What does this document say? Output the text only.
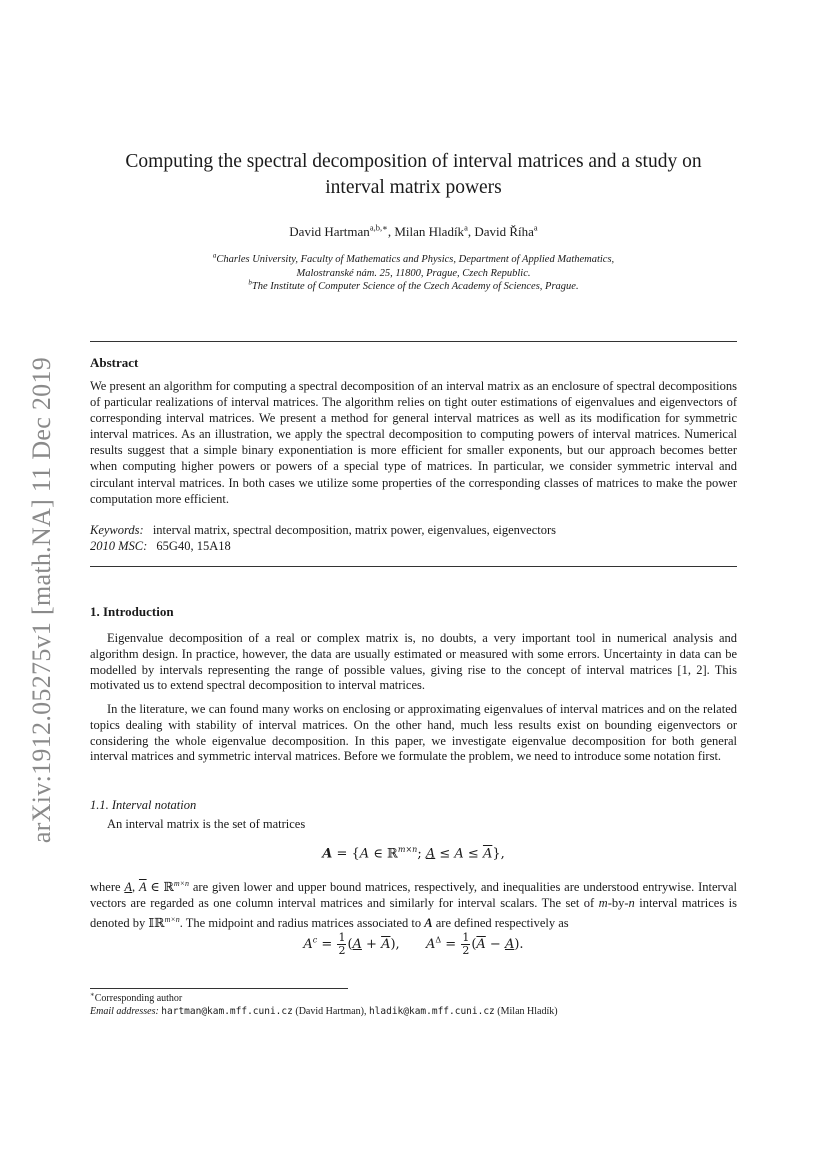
arXiv:1912.05275v1 [math.NA] 11 Dec 2019
Computing the spectral decomposition of interval matrices and a study on
interval matrix powers
David Hartman$^{a,b,∗}$, Milan Hladík$^a$, David Říha$^a$
$^a$Charles University, Faculty of Mathematics and Physics, Department of Applied Mathematics,
Malostranské nám. 25, 11800, Prague, Czech Republic.
$^b$The Institute of Computer Science of the Czech Academy of Sciences, Prague.
Abstract
We present an algorithm for computing a spectral decomposition of an interval matrix as an enclosure of spectral decompositions of particular realizations of interval matrices. The algorithm relies on tight outer estimations of eigenvalues and eigenvectors of corresponding interval matrices. We present a method for general interval matrices as well as its modification for symmetric interval matrices. As an illustration, we apply the spectral decomposition to computing powers of interval matrices. Numerical results suggest that a simple binary exponentiation is more efficient for smaller exponents, but our approach becomes better when computing higher powers or powers of a special type of matrices. In particular, we consider symmetric interval and circulant interval matrices. In both cases we utilize some properties of the corresponding classes of matrices to make the power computation more efficient.
Keywords: interval matrix, spectral decomposition, matrix power, eigenvalues, eigenvectors
2010 MSC: 65G40, 15A18
1. Introduction
Eigenvalue decomposition of a real or complex matrix is, no doubts, a very important tool in numerical analysis and algorithm design. In practice, however, the data are usually estimated or measured with some errors. Uncertainty in data can be modelled by intervals representing the range of possible values, giving rise to the concept of interval matrices [1, 2]. This motivated us to extend spectral decomposition to interval matrices.
In the literature, we can found many works on enclosing or approximating eigenvalues of interval matrices and on the related topics dealing with stability of interval matrices. On the other hand, much less results exist on bounding eigenvectors or considering the whole eigenvalue decomposition. In this paper, we investigate eigenvalue decomposition for both general interval matrices and symmetric interval matrices. Before we formulate the problem, we need to introduce some notation first.
1.1. Interval notation
An interval matrix is the set of matrices
A = {A ∈ ℝ$^{m\times n}$; $A \le A \le \overline{A}$},
where A, $\overline{A}$ ∈ ℝ$^{m\times n}$ are given lower and upper bound matrices, respectively, and inequalities are understood entrywise. Interval vectors are regarded as one column interval matrices and similarly for interval scalars. The set of m-by-n interval matrices is denoted by 𝕀ℝ$^{m\times n}$. The midpoint and radius matrices associated to A are defined respectively as
$A^c = \frac{1}{2} (A + \overline{A})$, $A^\Delta = \frac{1}{2} (\overline{A} - A)$.
∗Corresponding author
Email addresses: hartman@kam.mff.cuni.cz (David Hartman), hladik@kam.mff.cuni.cz (Milan Hladík)
